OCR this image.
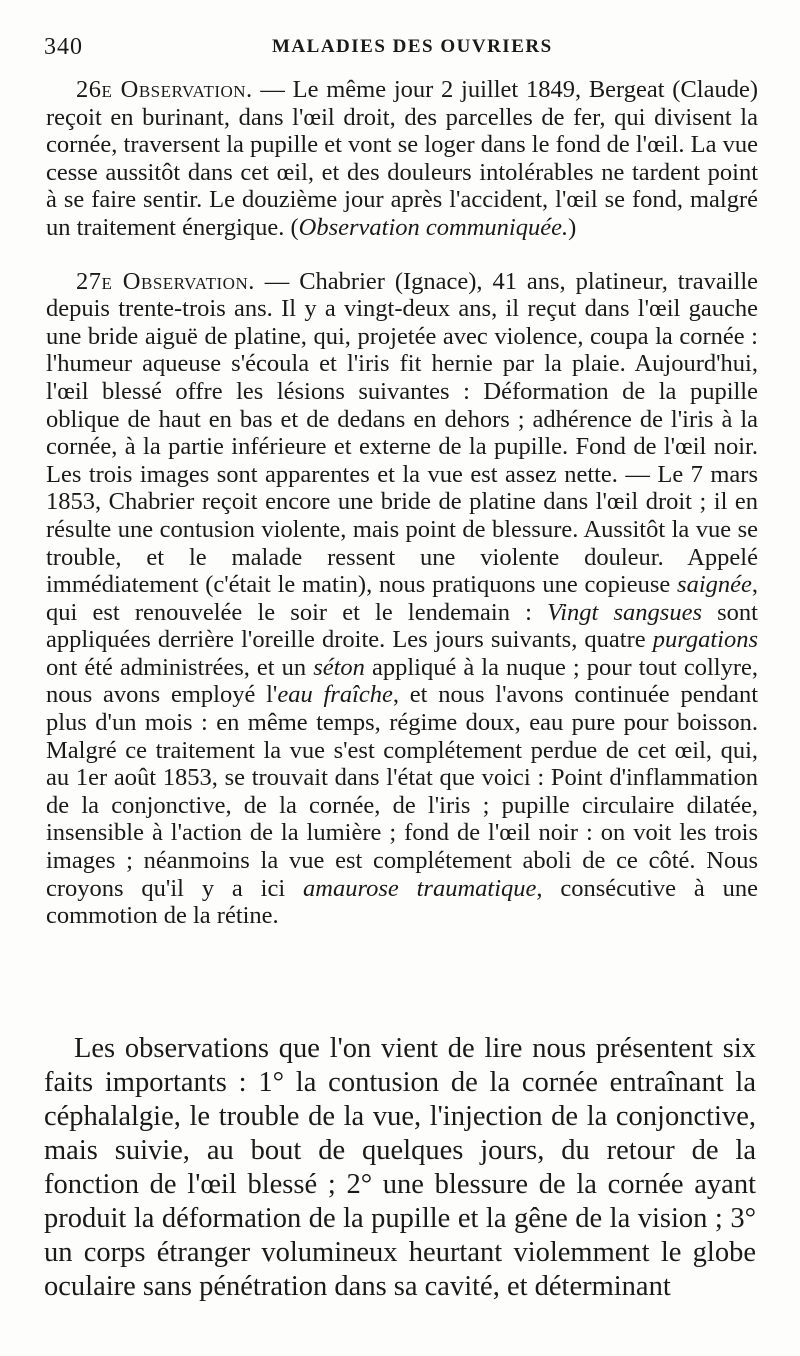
340	MALADIES DES OUVRIERS

26e Observation. — Le même jour 2 juillet 1849, Bergeat (Claude) reçoit en burinant, dans l'œil droit, des parcelles de fer, qui divisent la cornée, traversent la pupille et vont se loger dans le fond de l'œil. La vue cesse aussitôt dans cet œil, et des douleurs intolérables ne tardent point à se faire sentir. Le douzième jour après l'accident, l'œil se fond, malgré un traitement énergique. (Observation communiquée.)

27e Observation. — Chabrier (Ignace), 41 ans, platineur, travaille depuis trente-trois ans. Il y a vingt-deux ans, il reçut dans l'œil gauche une bride aiguë de platine, qui, projetée avec violence, coupa la cornée : l'humeur aqueuse s'écoula et l'iris fit hernie par la plaie. Aujourd'hui, l'œil blessé offre les lésions suivantes : Déformation de la pupille oblique de haut en bas et de dedans en dehors ; adhérence de l'iris à la cornée, à la partie inférieure et externe de la pupille. Fond de l'œil noir. Les trois images sont apparentes et la vue est assez nette. — Le 7 mars 1853, Chabrier reçoit encore une bride de platine dans l'œil droit ; il en résulte une contusion violente, mais point de blessure. Aussitôt la vue se trouble, et le malade ressent une violente douleur. Appelé immédiatement (c'était le matin), nous pratiquons une copieuse saignée, qui est renouvelée le soir et le lendemain : Vingt sangsues sont appliquées derrière l'oreille droite. Les jours suivants, quatre purgations ont été administrées, et un séton appliqué à la nuque ; pour tout collyre, nous avons employé l'eau fraîche, et nous l'avons continuée pendant plus d'un mois : en même temps, régime doux, eau pure pour boisson. Malgré ce traitement la vue s'est complétement perdue de cet œil, qui, au 1er août 1853, se trouvait dans l'état que voici : Point d'inflammation de la conjonctive, de la cornée, de l'iris ; pupille circulaire dilatée, insensible à l'action de la lumière ; fond de l'œil noir : on voit les trois images ; néanmoins la vue est complétement aboli de ce côté. Nous croyons qu'il y a ici amaurose traumatique, consécutive à une commotion de la rétine.

Les observations que l'on vient de lire nous présentent six faits importants : 1° la contusion de la cornée entraînant la céphalalgie, le trouble de la vue, l'injection de la conjonctive, mais suivie, au bout de quelques jours, du retour de la fonction de l'œil blessé ; 2° une blessure de la cornée ayant produit la déformation de la pupille et la gêne de la vision ; 3° un corps étranger volumineux heurtant violemment le globe oculaire sans pénétration dans sa cavité, et déterminant
